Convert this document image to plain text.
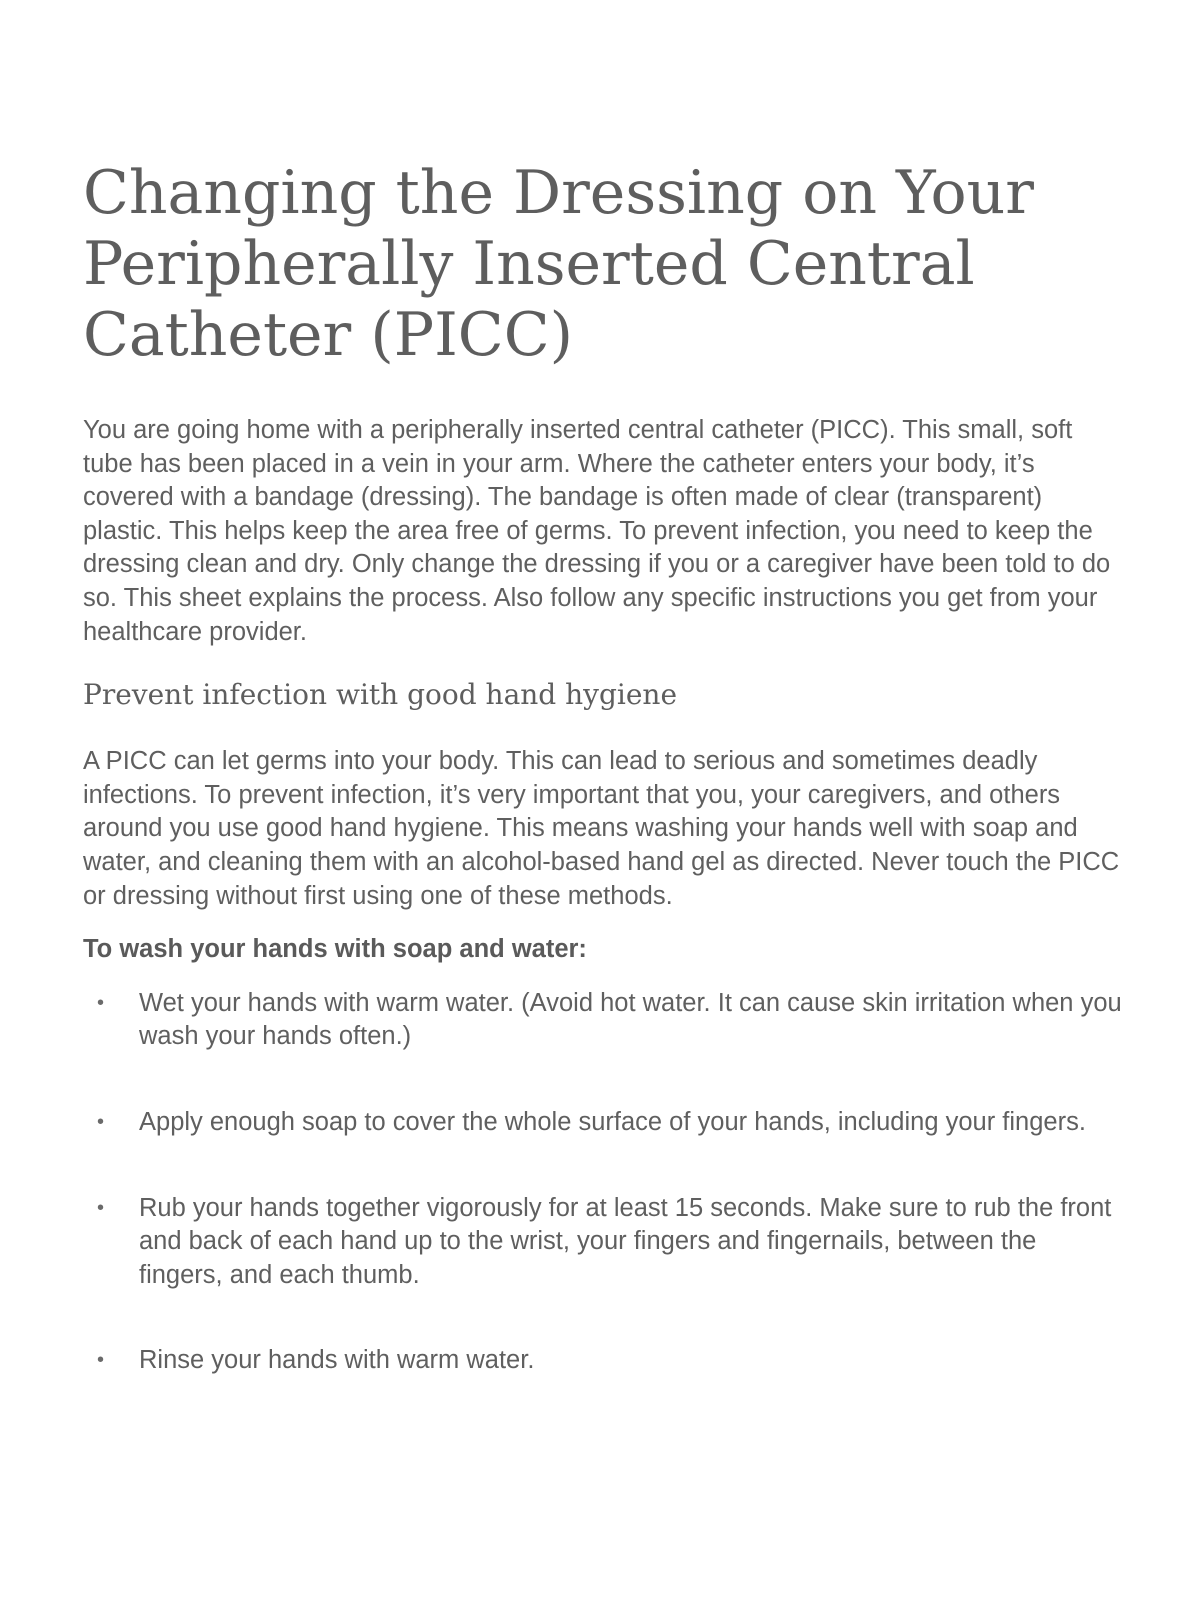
Changing the Dressing on Your Peripherally Inserted Central Catheter (PICC)

You are going home with a peripherally inserted central catheter (PICC). This small, soft tube has been placed in a vein in your arm. Where the catheter enters your body, it’s covered with a bandage (dressing). The bandage is often made of clear (transparent) plastic. This helps keep the area free of germs. To prevent infection, you need to keep the dressing clean and dry. Only change the dressing if you or a caregiver have been told to do so. This sheet explains the process. Also follow any specific instructions you get from your healthcare provider.

Prevent infection with good hand hygiene

A PICC can let germs into your body. This can lead to serious and sometimes deadly infections. To prevent infection, it’s very important that you, your caregivers, and others around you use good hand hygiene. This means washing your hands well with soap and water, and cleaning them with an alcohol-based hand gel as directed. Never touch the PICC or dressing without first using one of these methods.

To wash your hands with soap and water:
• Wet your hands with warm water. (Avoid hot water. It can cause skin irritation when you wash your hands often.)
• Apply enough soap to cover the whole surface of your hands, including your fingers.
• Rub your hands together vigorously for at least 15 seconds. Make sure to rub the front and back of each hand up to the wrist, your fingers and fingernails, between the fingers, and each thumb.
• Rinse your hands with warm water.
